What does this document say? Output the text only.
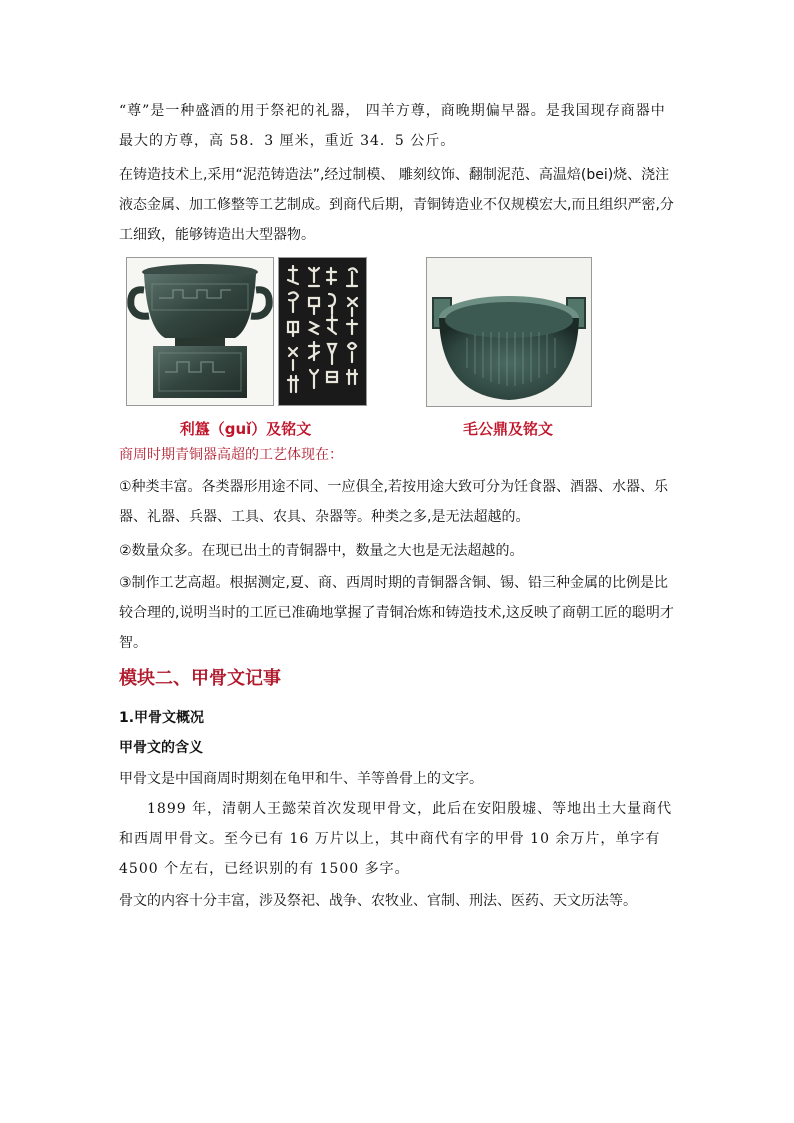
“尊”是一种盛酒的用于祭祀的礼器， 四羊方尊，商晚期偏早器。是我国现存商器中最大的方尊，高 58．3 厘米，重近 34．5 公斤。

在铸造技术上,采用“泥范铸造法”,经过制模、 雕刻纹饰、翻制泥范、高温焙(bei)烧、浇注液态金属、加工修整等工艺制成。到商代后期，青铜铸造业不仅规模宏大,而且组织严密,分工细致，能够铸造出大型器物。

利簋（guǐ）及铭文	毛公鼎及铭文

商周时期青铜器高超的工艺体现在：

①种类丰富。各类器形用途不同、一应俱全,若按用途大致可分为饪食器、酒器、水器、乐器、礼器、兵器、工具、农具、杂器等。种类之多,是无法超越的。

②数量众多。在现已出土的青铜器中，数量之大也是无法超越的。

③制作工艺高超。根据测定,夏、商、西周时期的青铜器含铜、锡、铅三种金属的比例是比较合理的,说明当时的工匠已准确地掌握了青铜冶炼和铸造技术,这反映了商朝工匠的聪明才智。

模块二、甲骨文记事
1.甲骨文概况
甲骨文的含义

甲骨文是中国商周时期刻在龟甲和牛、羊等兽骨上的文字。

1899 年，清朝人王懿荣首次发现甲骨文，此后在安阳殷墟、等地出土大量商代和西周甲骨文。至今已有 16 万片以上，其中商代有字的甲骨 10 余万片，单字有 4500 个左右，已经识别的有 1500 多字。

骨文的内容十分丰富，涉及祭祀、战争、农牧业、官制、刑法、医药、天文历法等。
